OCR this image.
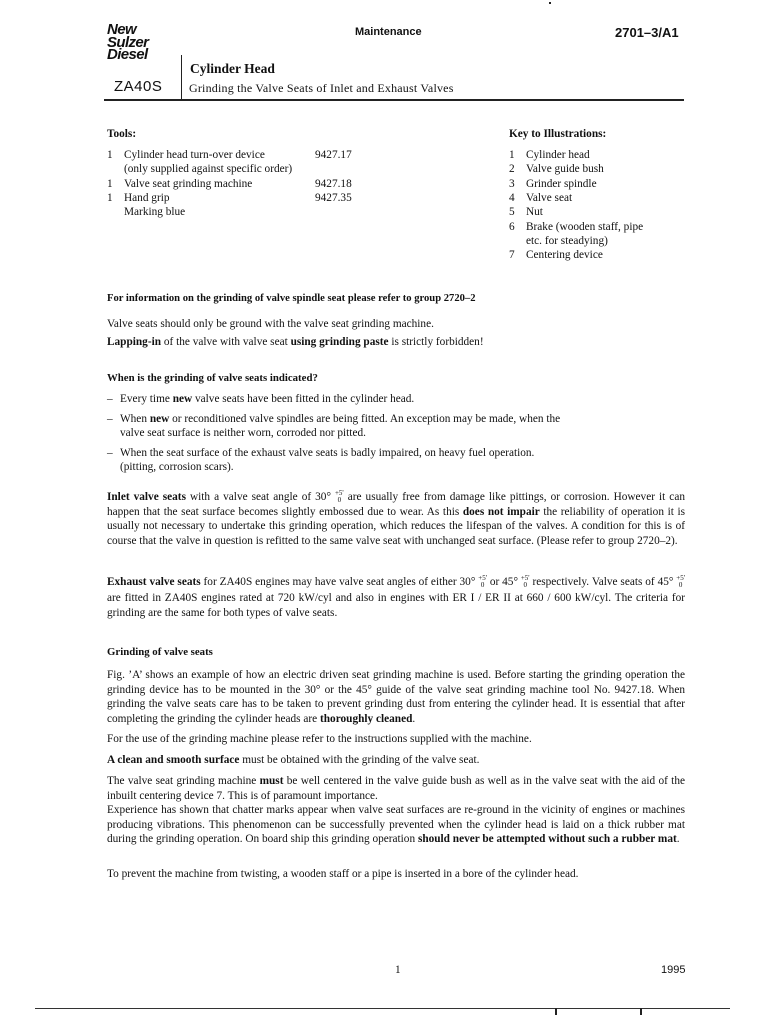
New
Sulzer
Diesel
ZA40S
Maintenance	2701–3/A1
Cylinder Head
Grinding the Valve Seats of Inlet and Exhaust Valves
Tools:
1 Cylinder head turn-over device	9427.17
(only supplied against specific order)
1 Valve seat grinding machine	9427.18
1 Hand grip	9427.35
Marking blue
Key to Illustrations:
1 Cylinder head
2 Valve guide bush
3 Grinder spindle
4 Valve seat
5 Nut
6 Brake (wooden staff, pipe
etc. for steadying)
7 Centering device
For information on the grinding of valve spindle seat please refer to group 2720–2
Valve seats should only be ground with the valve seat grinding machine.
Lapping-in of the valve with valve seat using grinding paste is strictly forbidden!
When is the grinding of valve seats indicated?
– Every time new valve seats have been fitted in the cylinder head.
– When new or reconditioned valve spindles are being fitted. An exception may be made, when the
valve seat surface is neither worn, corroded nor pitted.
– When the seat surface of the exhaust valve seats is badly impaired, on heavy fuel operation.
(pitting, corrosion scars).

Inlet valve seats with a valve seat angle of 30° +5'
0 are usually free from damage like pittings, or corrosion. However it can happen that the seat surface becomes slightly embossed due to wear. As this does not impair the reliability of operation it is usually not necessary to undertake this grinding operation, which reduces the lifespan of the valves. A condition for this is of course that the valve in question is refitted to the same valve seat with unchanged seat surface. (Please refer to group 2720–2).

Exhaust valve seats for ZA40S engines may have valve seat angles of either 30° +5'
0 or 45° +5'
0 respectively. Valve seats of 45° +5'
0 are fitted in ZA40S engines rated at 720 kW/cyl and also in engines with ER I / ER II at 660 / 600 kW/cyl. The criteria for grinding are the same for both types of valve seats.

Grinding of valve seats

Fig. ’A’ shows an example of how an electric driven seat grinding machine is used. Before starting the grinding operation the grinding device has to be mounted in the 30° or the 45° guide of the valve seat grinding machine tool No. 9427.18. When grinding the valve seats care has to be taken to prevent grinding dust from entering the cylinder head. It is essential that after completing the grinding the cylinder heads are thoroughly cleaned.

For the use of the grinding machine please refer to the instructions supplied with the machine.
A clean and smooth surface must be obtained with the grinding of the valve seat.

The valve seat grinding machine must be well centered in the valve guide bush as well as in the valve seat with the aid of the inbuilt centering device 7. This is of paramount importance.
Experience has shown that chatter marks appear when valve seat surfaces are re-ground in the vicinity of engines or machines producing vibrations. This phenomenon can be successfully prevented when the cylinder head is laid on a thick rubber mat during the grinding operation. On board ship this grinding operation should never be attempted without such a rubber mat.

To prevent the machine from twisting, a wooden staff or a pipe is inserted in a bore of the cylinder head.
1	1995
